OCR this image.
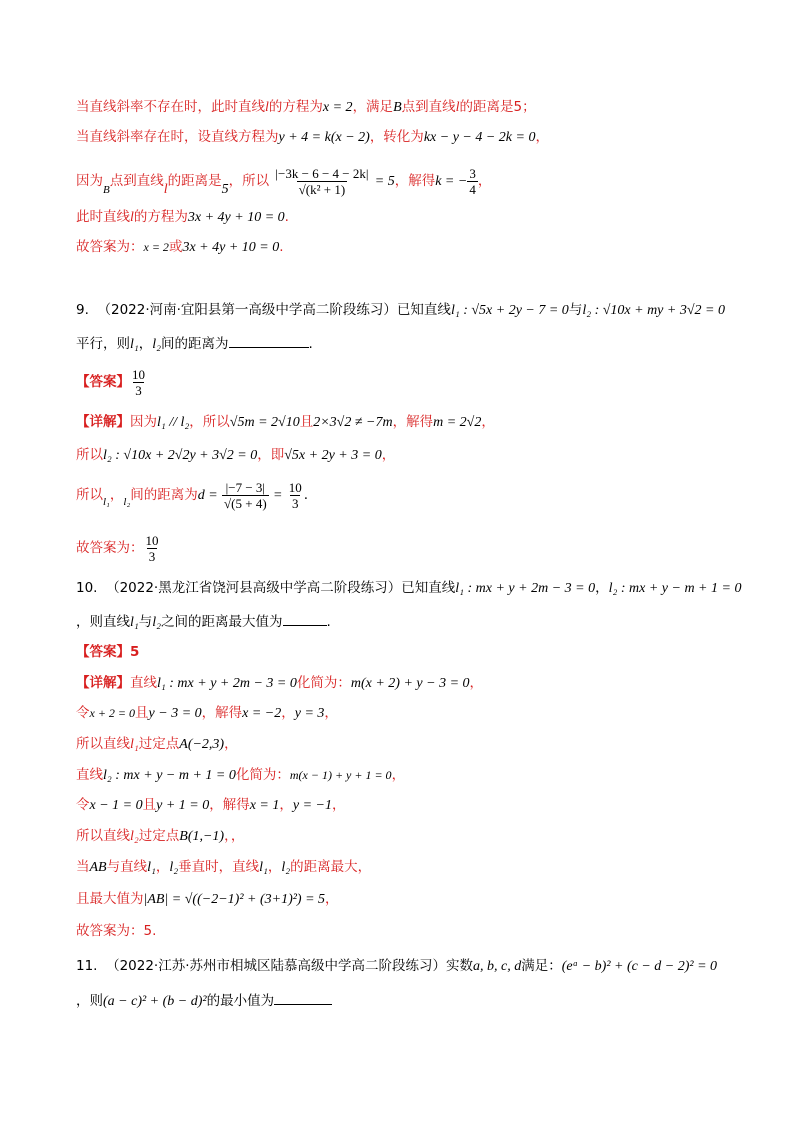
当直线斜率不存在时，此时直线l的方程为x = 2，满足B点到直线l的距离是5；
当直线斜率存在时，设直线方程为y + 4 = k(x − 2)，转化为kx − y − 4 − 2k = 0，
因为$_B$点到直线l的距离是5，所以 $\frac{|-3k - 6 - 4 - 2k|}{\text{√(k² + 1)}} = 5$，解得k = − $\frac{3}{4}$ ，
此时直线l的方程为3x + 4y + 10 = 0.
故答案为：x = 2或3x + 4y + 10 = 0.
9. （2022·河南·宜阳县第一高级中学高二阶段练习）已知直线l₁ : √5x + 2y − 7 = 0与l₂ : √10x + my + 3√2 = 0
平行，则l₁，l₂间的距离为	.
【答案】 $\frac{10}{3}$
【详解】因为l₁ // l₂，所以√5m = 2√10且2×3√2 ≠ −7m，解得m = 2√2，
所以l₂ : √10x + 2√2y + 3√2 = 0，即√5x + 2y + 3 = 0，
所以$_{l_1}$，$_{l_2}$间的距离为$d = \frac{|-7 - 3|}{√(5 + 4)} = \frac{10}{3}$ .
故答案为： $\frac{10}{3}$
10. （2022·黑龙江省饶河县高级中学高二阶段练习）已知直线l₁ : mx + y + 2m − 3 = 0，l₂ : mx + y − m + 1 = 0
，则直线l₁与l₂之间的距离最大值为	.
【答案】5
【详解】直线l₁ : mx + y + 2m − 3 = 0化简为：m(x + 2) + y − 3 = 0，
令x + 2 = 0且y − 3 = 0，解得x = −2，y = 3，
所以直线l₁过定点A(−2,3)，
直线l₂ : mx + y − m + 1 = 0化简为：m(x − 1) + y + 1 = 0，
令x − 1 = 0且y + 1 = 0，解得x = 1，y = −1，
所以直线l₂过定点B(1,−1)，，
当AB与直线l₁，l₂垂直时，直线l₁，l₂的距离最大，
且最大值为|AB| = √((−2−1)² + (3+1)²) = 5，
故答案为：5.
11. （2022·江苏·苏州市相城区陆慕高级中学高二阶段练习）实数a, b, c, d满足：(eᵃ − b)² + (c − d − 2)² = 0
，则(a − c)² + (b − d)²的最小值为
